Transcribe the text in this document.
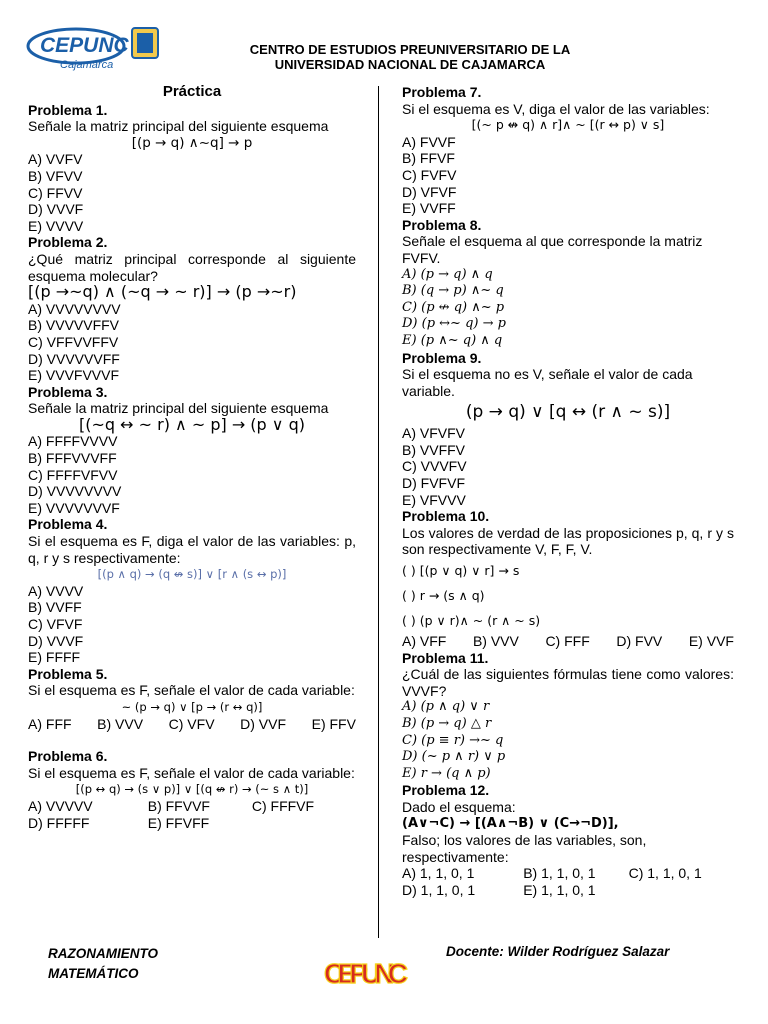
CEPUNC
Cajamarca
CENTRO DE ESTUDIOS PREUNIVERSITARIO DE LA
UNIVERSIDAD NACIONAL DE CAJAMARCA
Práctica
Problema 1.
Señale la matriz principal del siguiente esquema
[(p → q) ∧~q] → p
A) VVFV
B) VFVV
C) FFVV
D) VVVF
E) VVVV
Problema 2.
¿Qué matriz principal corresponde al siguiente esquema molecular?
[(p →~q) ∧ (~q → ~ r)] → (p →~r)
A) VVVVVVVV
B) VVVVVFFV
C) VFFVVFFV
D) VVVVVVFF
E) VVVFVVVF
Problema 3.
Señale la matriz principal del siguiente esquema
[(~q ↔ ~ r) ∧ ~ p] → (p ∨ q)
A) FFFFVVVV
B) FFFVVVFF
C) FFFFVFVV
D) VVVVVVVV
E) VVVVVVVF
Problema 4.
Si el esquema es F, diga el valor de las variables: p, q, r y s respectivamente:
[(p ∧ q) → (q ↮ s)] ∨ [r ∧ (s ↔ p)]
A) VVVV
B) VVFF
C) VFVF
D) VVVF
E) FFFF
Problema 5.
Si el esquema es F, señale el valor de cada variable:
~ (p → q) ∨ [p → (r ↔ q)]
A) FFF B) VVV C) VFV D) VVF E) FFV
Problema 6.
Si el esquema es F, señale el valor de cada variable:
[(p ↔ q) → (s ∨ p)] ∨ [(q ↮ r) → (~ s ∧ t)]
A) VVVVV	B) FFVVF	C) FFFVF
D) FFFFF	E) FFVFF
Problema 7.
Si el esquema es V, diga el valor de las variables:
[(~ p ↮ q) ∧ r]∧ ~ [(r ↔ p) ∨ s]
A) FVVF
B) FFVF
C) FVFV
D) VFVF
E) VVFF
Problema 8.
Señale el esquema al que corresponde la matriz FVFV.
A) (p → q) ∧ q
B) (q → p) ∧~ q
C) (p ↮ q) ∧~ p
D) (p ↔~ q) → p
E) (p ∧~ q) ∧ q
Problema 9.
Si el esquema no es V, señale el valor de cada variable.
(p → q) ∨ [q ↔ (r ∧ ~ s)]
A) VFVFV
B) VVFFV
C) VVVFV
D) FVFVF
E) VFVVV
Problema 10.
Los valores de verdad de las proposiciones p, q, r y s son respectivamente V, F, F, V.
( ) [(p ∨ q) ∨ r] → s
( ) r → (s ∧ q)
( ) (p ∨ r)∧ ~ (r ∧ ~ s)
A) VFF B) VVV C) FFF D) FVV E) VVF
Problema 11.
¿Cuál de las siguientes fórmulas tiene como valores: VVVF?
A) (p ∧ q) ∨ r
B) (p → q) △ r
C) (p ≡ r) →~ q
D) (~ p ∧ r) ∨ p
E) r → (q ∧ p)
Problema 12.
Dado el esquema:
(A∨¬C) → [(A∧¬B) ∨ (C→¬D)],
Falso; los valores de las variables, son, respectivamente:
A) 1, 1, 0, 1	B) 1, 1, 0, 1	C) 1, 1, 0, 1
D) 1, 1, 0, 1	E) 1, 1, 0, 1
RAZONAMIENTO
MATEMÁTICO	CEPUNC
Docente: Wilder Rodríguez Salazar
